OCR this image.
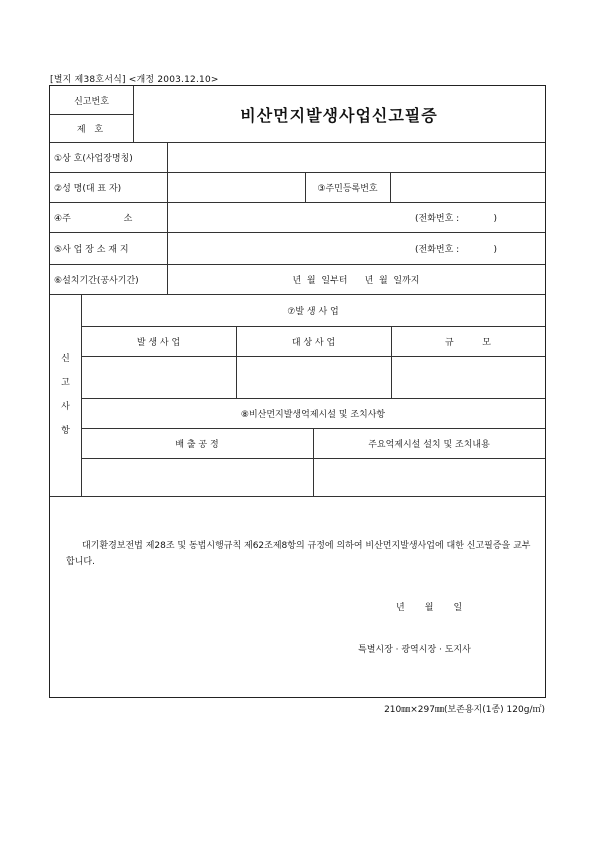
[별지 제38호서식] <개정 2003.12.10>
신고번호
제 호
비산먼지발생사업신고필증
①상 호(사업장명칭)
②성 명(대 표 자)	③주민등록번호
④주 소	(전화번호 :            )
⑤사 업 장 소 재 지	(전화번호 :            )
⑥설치기간(공사기간)	년  월  일부터      년  월  일까지
신

고

사

항
⑦발 생 사 업
발 생 사 업	대 상 사 업	규          모
⑧비산먼지발생억제시설 및 조치사항
배 출 공 정	주요억제시설 설치 및 조치내용
대기환경보전법 제28조 및 동법시행규칙 제62조제8항의 규정에 의하여 비산먼지발생사업에 대한 신고필증을 교부합니다.
년       월       일
특별시장 · 광역시장 · 도지사
210㎜×297㎜(보존용지(1종) 120g/㎡)
